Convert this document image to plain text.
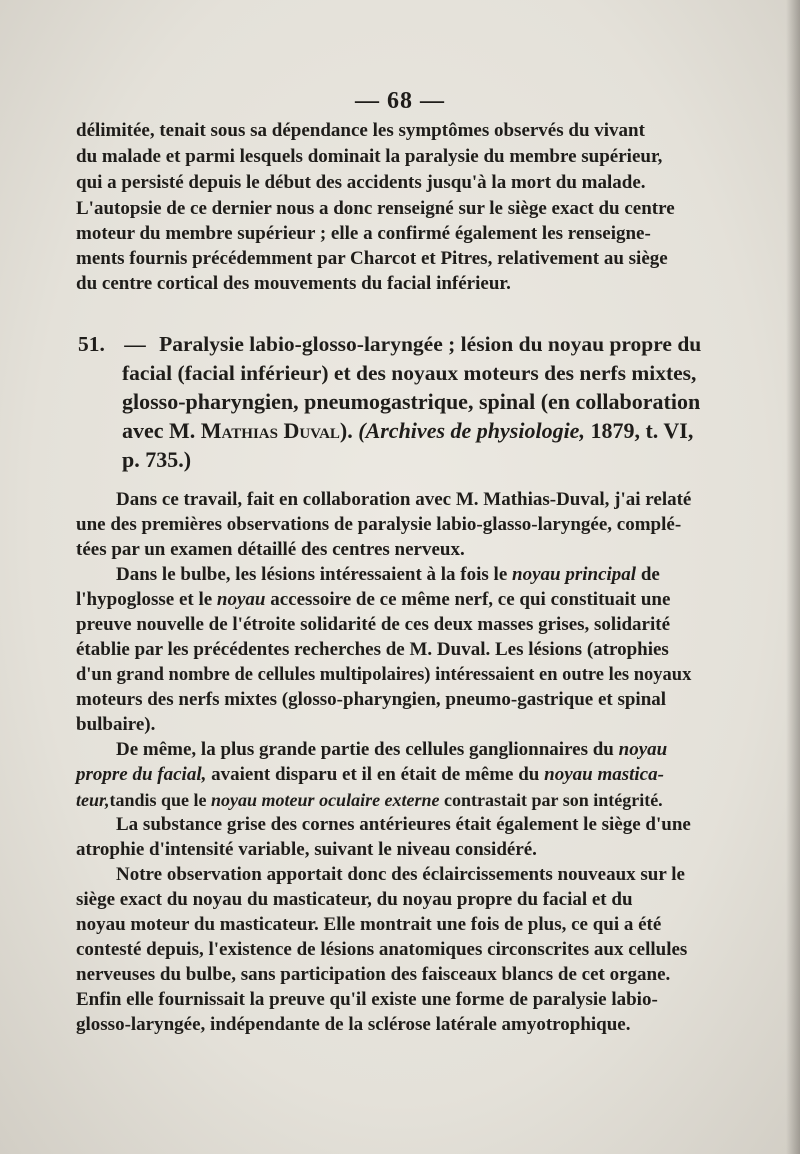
— 68 —
délimitée, tenait sous sa dépendance les symptômes observés du vivant
du malade et parmi lesquels dominait la paralysie du membre supérieur,
qui a persisté depuis le début des accidents jusqu'à la mort du malade.
L'autopsie de ce dernier nous a donc renseigné sur le siège exact du centre
moteur du membre supérieur ; elle a confirmé également les renseigne-
ments fournis précédemment par Charcot et Pitres, relativement au siège
du centre cortical des mouvements du facial inférieur.
51. — Paralysie labio-glosso-laryngée ; lésion du noyau propre du
facial (facial inférieur) et des noyaux moteurs des nerfs mixtes,
glosso-pharyngien, pneumogastrique, spinal (en collaboration
avec M. Mathias Duval). (Archives de physiologie, 1879, t. VI,
p. 735.)
Dans ce travail, fait en collaboration avec M. Mathias-Duval, j'ai relaté
une des premières observations de paralysie labio-glasso-laryngée, complé-
tées par un examen détaillé des centres nerveux.
Dans le bulbe, les lésions intéressaient à la fois le noyau principal de
l'hypoglosse et le noyau accessoire de ce même nerf, ce qui constituait une
preuve nouvelle de l'étroite solidarité de ces deux masses grises, solidarité
établie par les précédentes recherches de M. Duval. Les lésions (atrophies
d'un grand nombre de cellules multipolaires) intéressaient en outre les noyaux
moteurs des nerfs mixtes (glosso-pharyngien, pneumo-gastrique et spinal
bulbaire).
De même, la plus grande partie des cellules ganglionnaires du noyau
propre du facial, avaient disparu et il en était de même du noyau mastica-
teur,tandis que le noyau moteur oculaire externe contrastait par son intégrité.
La substance grise des cornes antérieures était également le siège d'une
atrophie d'intensité variable, suivant le niveau considéré.
Notre observation apportait donc des éclaircissements nouveaux sur le
siège exact du noyau du masticateur, du noyau propre du facial et du
noyau moteur du masticateur. Elle montrait une fois de plus, ce qui a été
contesté depuis, l'existence de lésions anatomiques circonscrites aux cellules
nerveuses du bulbe, sans participation des faisceaux blancs de cet organe.
Enfin elle fournissait la preuve qu'il existe une forme de paralysie labio-
glosso-laryngée, indépendante de la sclérose latérale amyotrophique.
